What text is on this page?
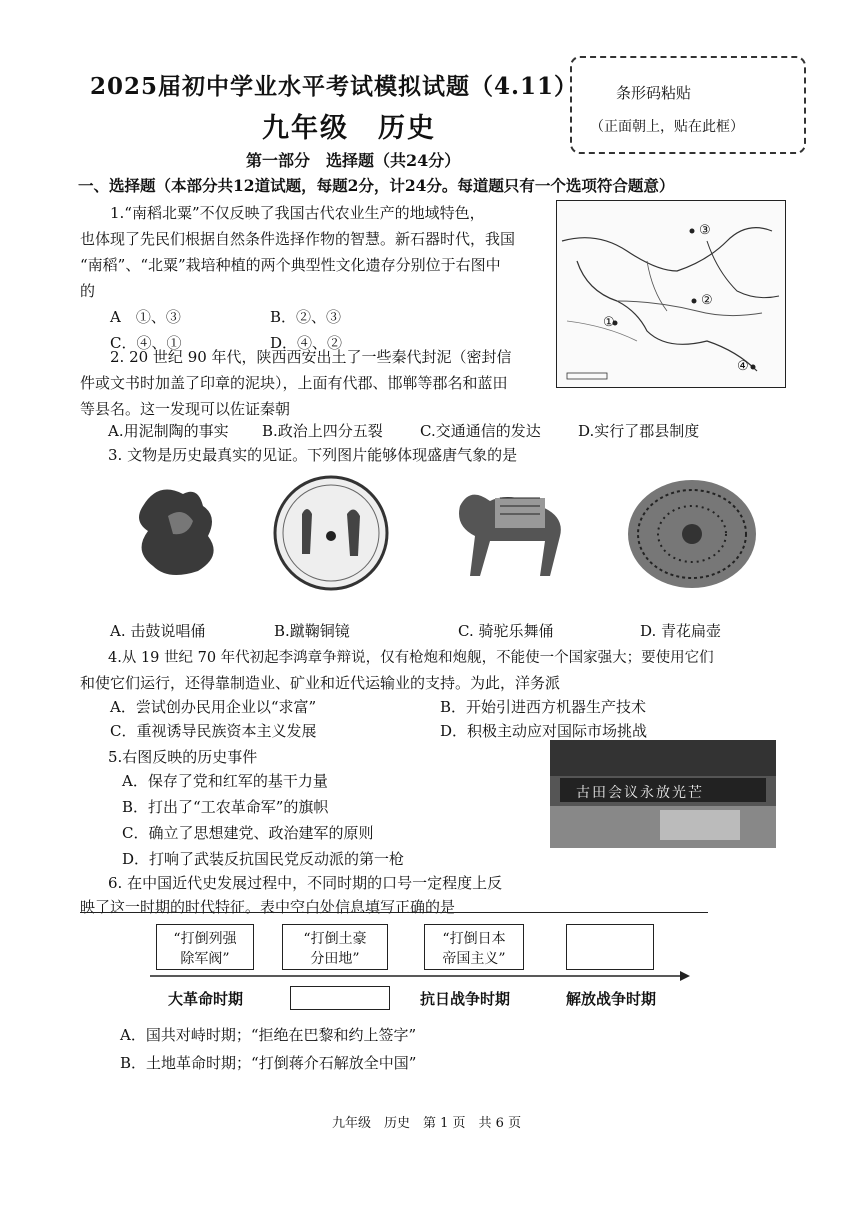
2025届初中学业水平考试模拟试题（4.11）
九年级　历史
第一部分　选择题（共24分）
一、选择题（本部分共12道试题，每题2分，计24分。每道题只有一个选项符合题意）
条形码粘贴
（正面朝上，贴在此框）
1.“南稻北粟”不仅反映了我国古代农业生产的地域特色，
也体现了先民们根据自然条件选择作物的智慧。新石器时代，我国
“南稻”、“北粟”栽培种植的两个典型性文化遗存分别位于右图中
的
A　①、③	B．②、③
C．④、①	D．④、②
③
②
①
④
2. 20 世纪 90 年代，陕西西安出土了一些秦代封泥（密封信
件或文书时加盖了印章的泥块），上面有代郡、邯郸等郡名和蓝田
等县名。这一发现可以佐证秦朝
A.用泥制陶的事实 B.政治上四分五裂 C.交通通信的发达 D.实行了郡县制度
3. 文物是历史最真实的见证。下列图片能够体现盛唐气象的是
A. 击鼓说唱俑	B.蹴鞠铜镜	C. 骑驼乐舞俑	D. 青花扁壶
4.从 19 世纪 70 年代初起李鸿章争辩说，仅有枪炮和炮舰，不能使一个国家强大；要使用它们
和使它们运行，还得靠制造业、矿业和近代运输业的支持。为此，洋务派
A．尝试创办民用企业以“求富”	B．开始引进西方机器生产技术
C．重视诱导民族资本主义发展	D．积极主动应对国际市场挑战
5.右图反映的历史事件
A．保存了党和红军的基干力量
B．打出了“工农革命军”的旗帜
C．确立了思想建党、政治建军的原则
D．打响了武装反抗国民党反动派的第一枪
古田会议永放光芒
6. 在中国近代史发展过程中，不同时期的口号一定程度上反
映了这一时期的时代特征。表中空白处信息填写正确的是
“打倒列强
除军阀”
“打倒土豪
分田地”
“打倒日本
帝国主义”
大革命时期	抗日战争时期	解放战争时期
A．国共对峙时期；“拒绝在巴黎和约上签字”
B．土地革命时期；“打倒蒋介石解放全中国”
九年级　历史　第 1 页　共 6 页
